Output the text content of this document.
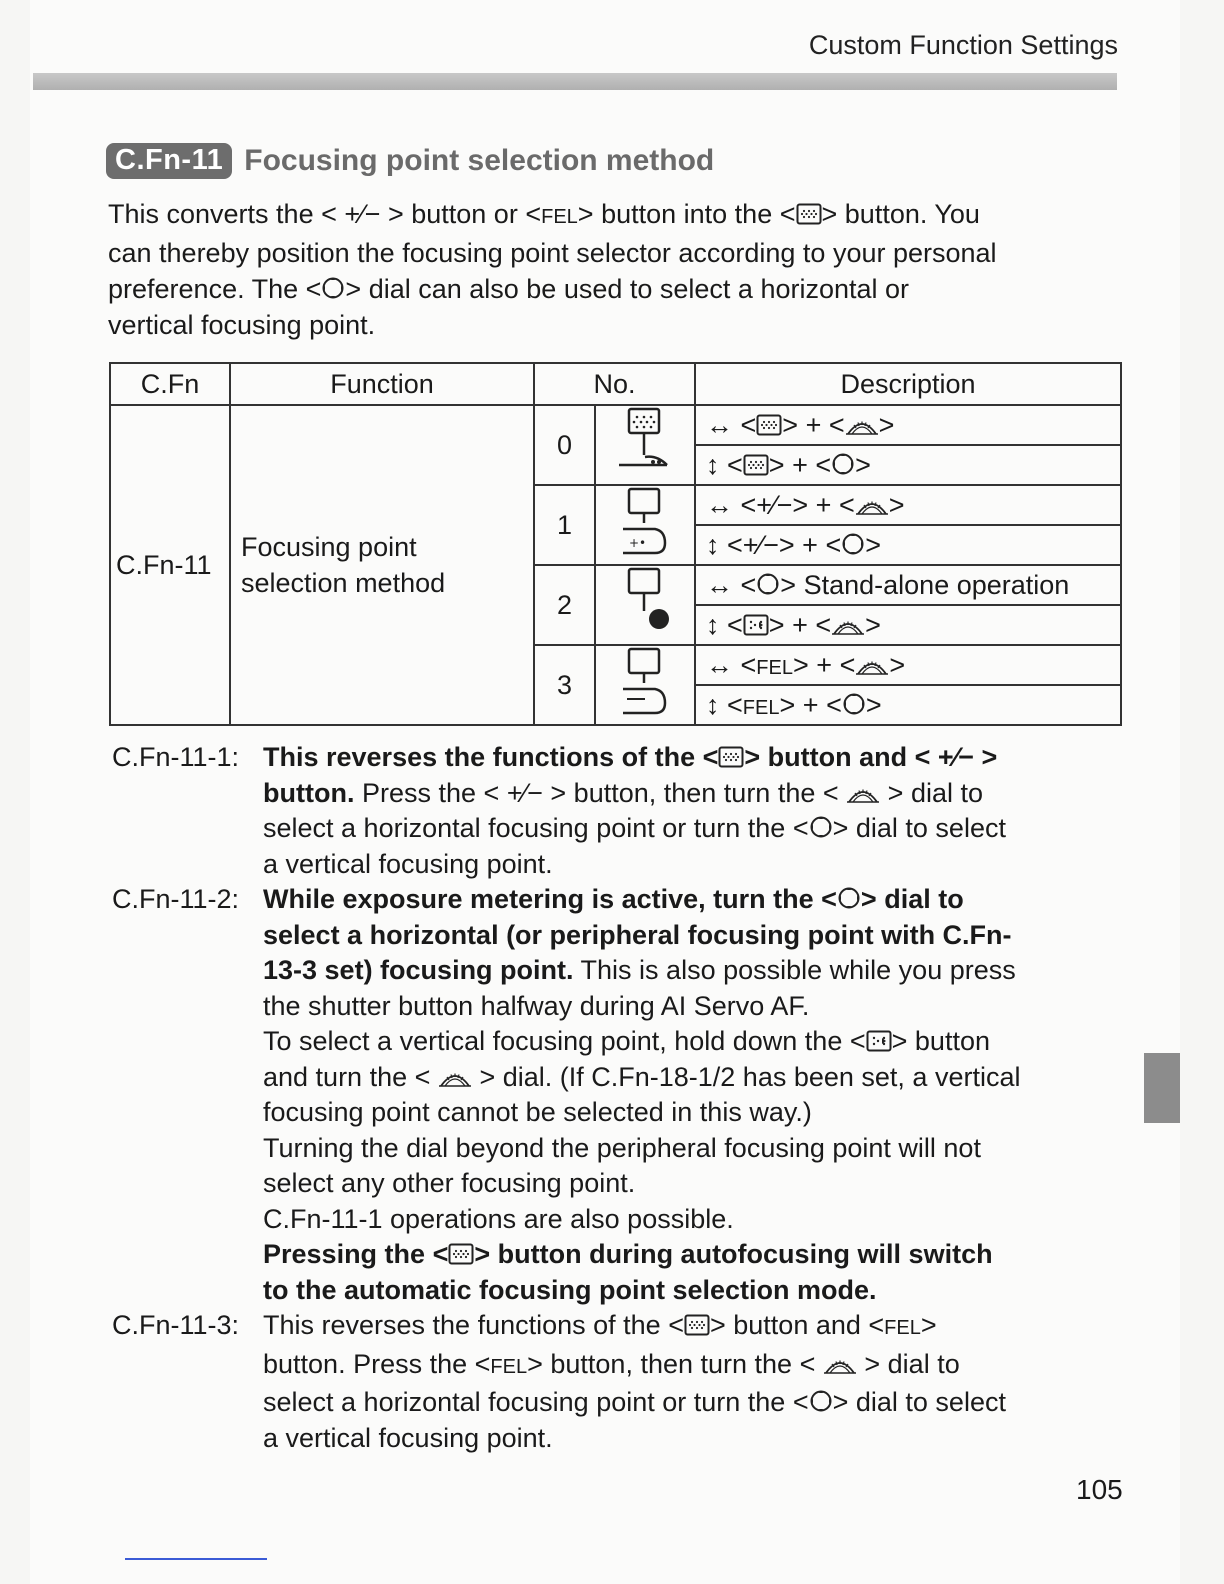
Custom Function Settings
C.Fn-11 Focusing point selection method

This converts the < +⁄− > button or <FEL> button into the < > button. You

can thereby position the focusing point selector according to your personal

preference. The < > dial can also be used to select a horizontal or

vertical focusing point.

C.Fn	Function	No.		Description
C.Fn-11	Focusing point
selection method	0		↔ < > + < >
				↕ < > + < >
		1	+•	↔ <+⁄−> + < >
				↕ <+⁄−> + < >
		2		↔ < > Stand-alone operation
				↕ < > + < >
		3		↔ <FEL> + < >
				↕ <FEL> + < >
C.Fn-11-1: This reverses the functions of the < > button and < +⁄− >

button. Press the < +⁄− > button, then turn the < > dial to

select a horizontal focusing point or turn the < > dial to select

a vertical focusing point.

C.Fn-11-2: While exposure metering is active, turn the < > dial to

select a horizontal (or peripheral focusing point with C.Fn-

13-3 set) focusing point. This is also possible while you press

the shutter button halfway during AI Servo AF.

To select a vertical focusing point, hold down the < > button

and turn the < > dial. (If C.Fn-18-1/2 has been set, a vertical

focusing point cannot be selected in this way.)

Turning the dial beyond the peripheral focusing point will not

select any other focusing point.

C.Fn-11-1 operations are also possible.

Pressing the < > button during autofocusing will switch

to the automatic focusing point selection mode.

C.Fn-11-3: This reverses the functions of the < > button and <FEL>

button. Press the <FEL> button, then turn the < > dial to

select a horizontal focusing point or turn the < > dial to select

a vertical focusing point.

105
